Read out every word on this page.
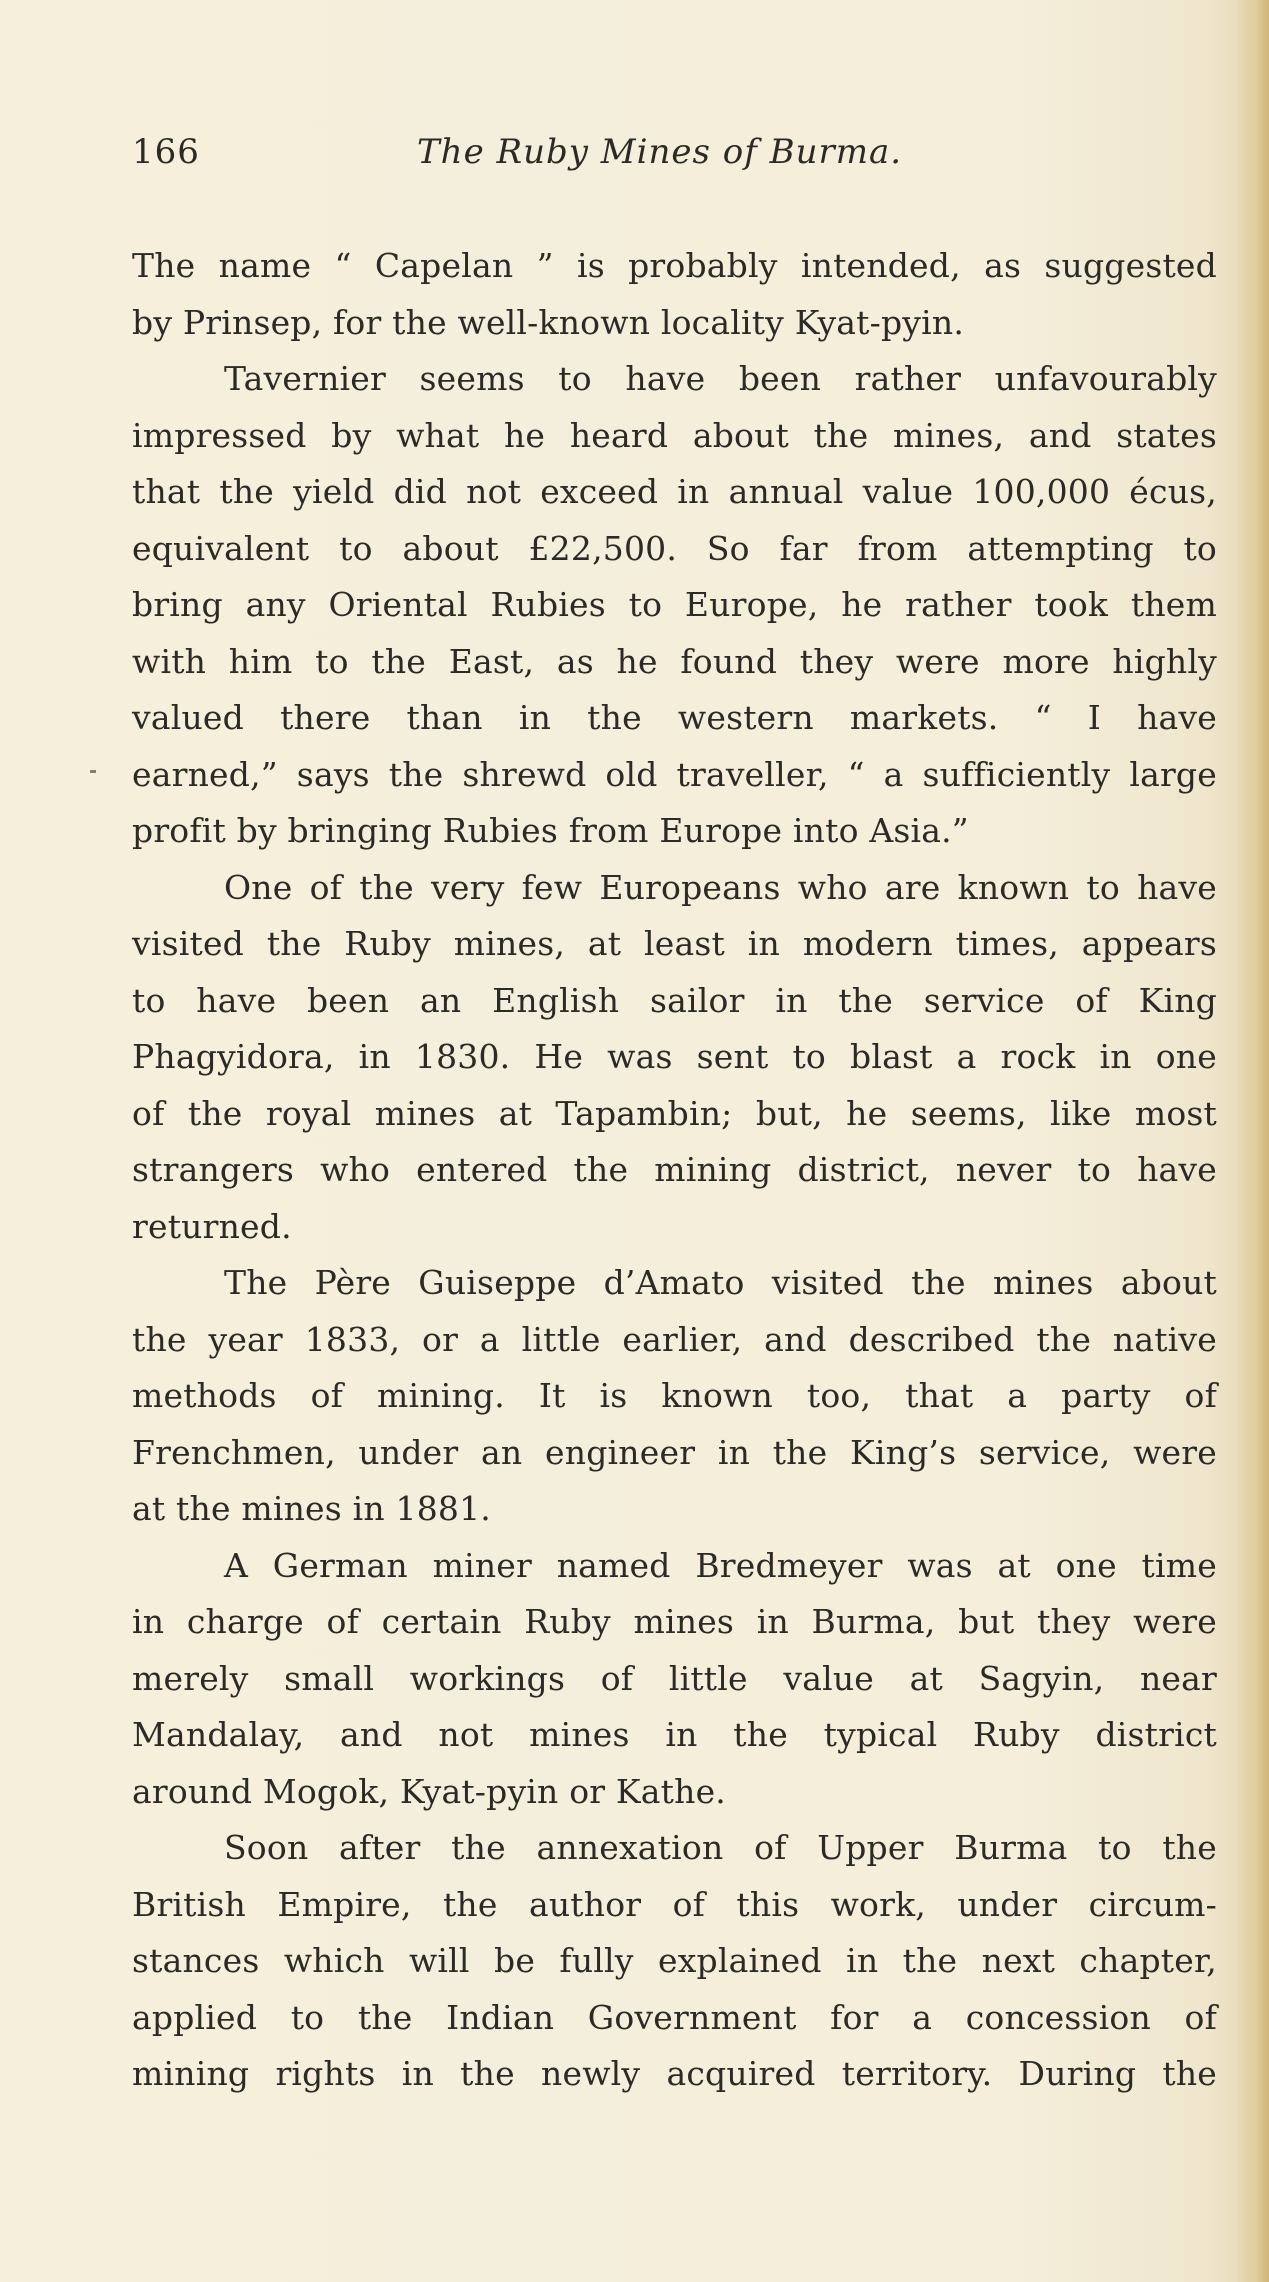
166	The Ruby Mines of Burma.
The name “ Capelan ” is probably intended, as suggested
by Prinsep, for the well-known locality Kyat-pyin.
Tavernier seems to have been rather unfavourably
impressed by what he heard about the mines, and states
that the yield did not exceed in annual value 100,000 écus,
equivalent to about £22,500. So far from attempting to
bring any Oriental Rubies to Europe, he rather took them
with him to the East, as he found they were more highly
valued there than in the western markets. “ I have
earned,” says the shrewd old traveller, “ a sufficiently large
profit by bringing Rubies from Europe into Asia.”
One of the very few Europeans who are known to have
visited the Ruby mines, at least in modern times, appears
to have been an English sailor in the service of King
Phagyidora, in 1830. He was sent to blast a rock in one
of the royal mines at Tapambin; but, he seems, like most
strangers who entered the mining district, never to have
returned.
The Père Guiseppe d’Amato visited the mines about
the year 1833, or a little earlier, and described the native
methods of mining. It is known too, that a party of
Frenchmen, under an engineer in the King’s service, were
at the mines in 1881.
A German miner named Bredmeyer was at one time
in charge of certain Ruby mines in Burma, but they were
merely small workings of little value at Sagyin, near
Mandalay, and not mines in the typical Ruby district
around Mogok, Kyat-pyin or Kathe.
Soon after the annexation of Upper Burma to the
British Empire, the author of this work, under circum-
stances which will be fully explained in the next chapter,
applied to the Indian Government for a concession of
mining rights in the newly acquired territory. During the
